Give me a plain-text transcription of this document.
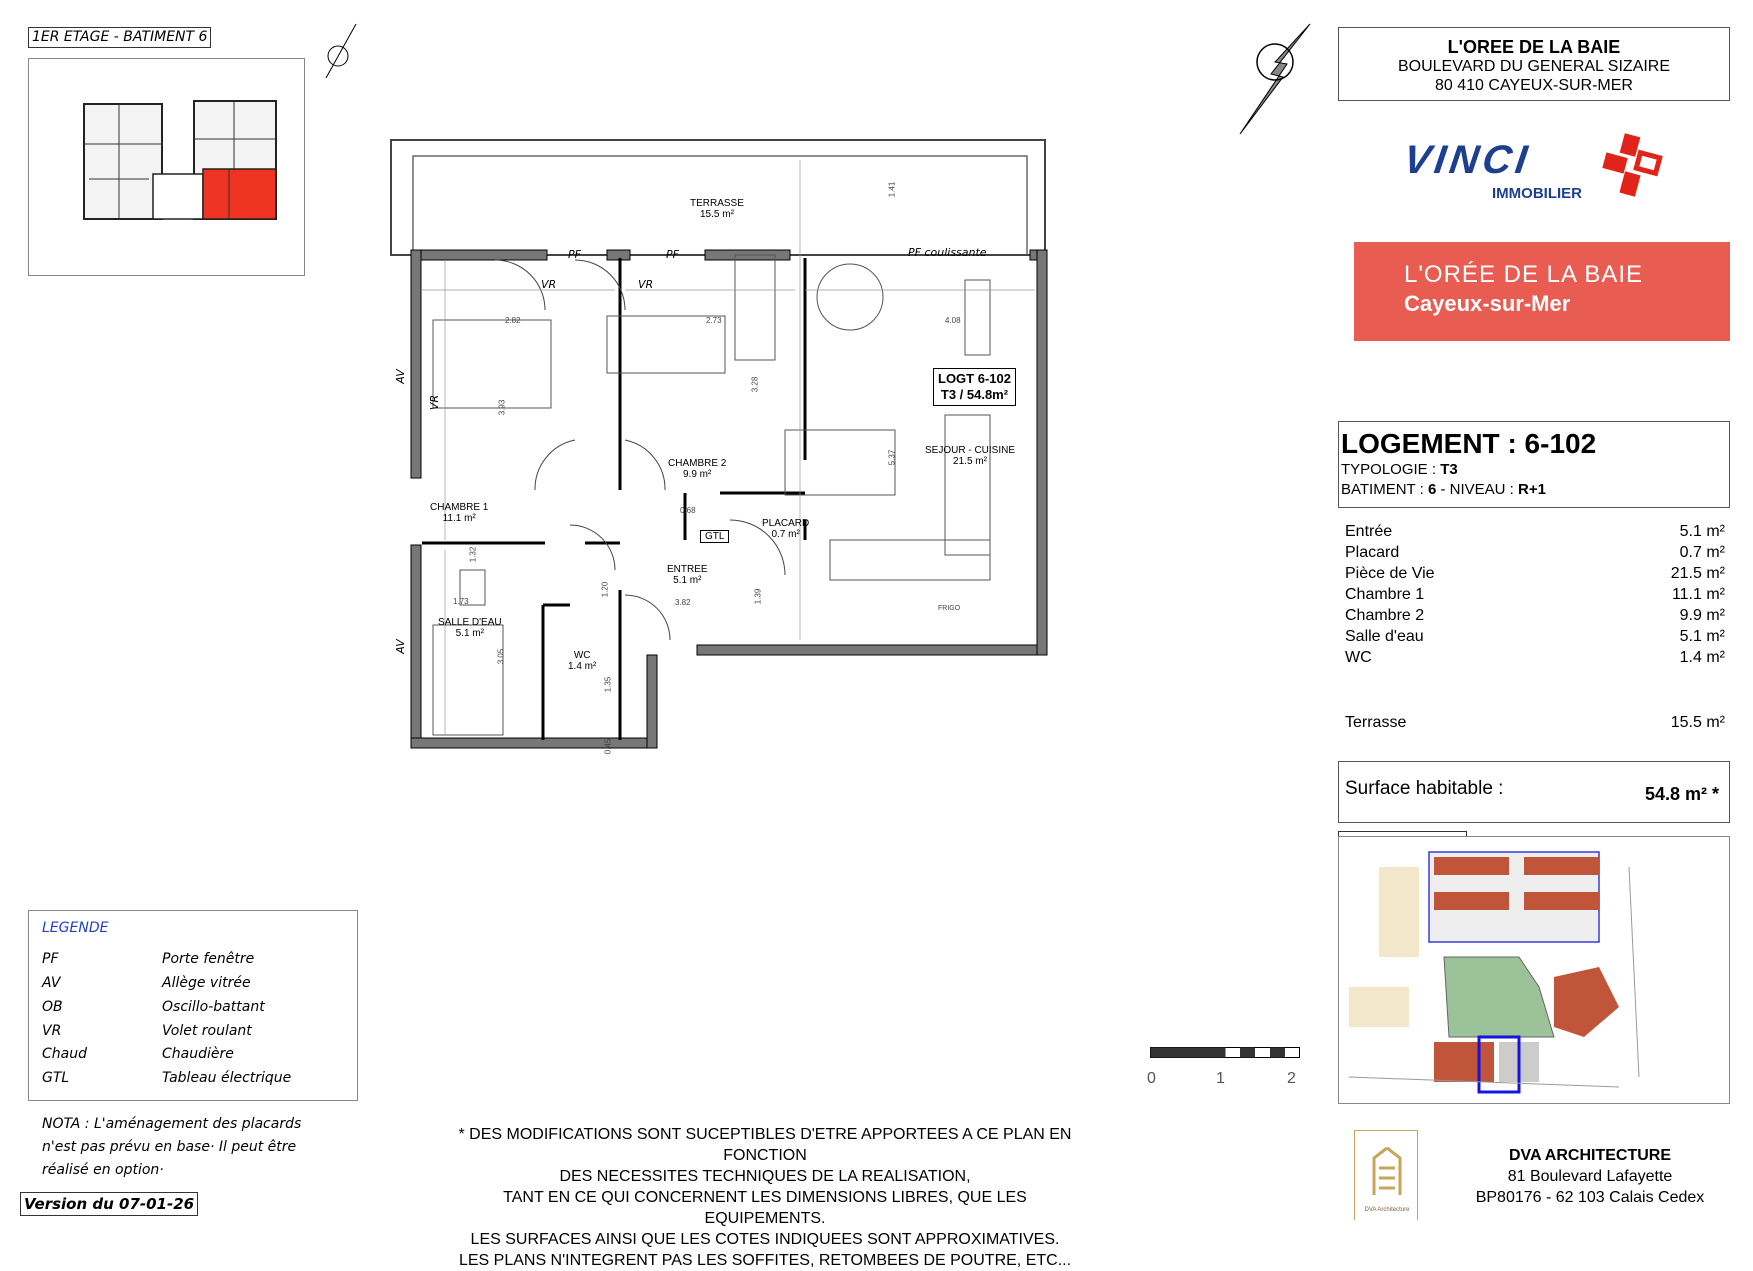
1ER ETAGE - BATIMENT 6
TERRASSE
15.5 m²
CHAMBRE 1
11.1 m²
CHAMBRE 2
9.9 m²
SEJOUR - CUISINE
21.5 m²
PLACARD
0.7 m²
ENTREE
5.1 m²
SALLE D'EAU
5.1 m²
WC
1.4 m²
LOGT 6-102
T3 / 54.8m²
PF	PF	PF coulissante
VR	VR
VR
AV
AV
GTL
FRIGO
2.82	2.73	4.08
3.93
3.28
5.37
1.41
0.68
1.20	1.39
3.82
1.73
3.05
1.35
0.45
1.32
L'OREE DE LA BAIE
BOULEVARD DU GENERAL SIZAIRE
80 410 CAYEUX-SUR-MER
VINCI
IMMOBILIER
L'ORÉE DE LA BAIE
Cayeux-sur-Mer
LOGEMENT : 6-102
TYPOLOGIE : T3
BATIMENT : 6 - NIVEAU : R+1
Entrée	5.1 m²
Placard	0.7 m²
Pièce de Vie	21.5 m²
Chambre 1	11.1 m²
Chambre 2	9.9 m²
Salle d'eau	5.1 m²
WC	1.4 m²
Terrasse	15.5 m²
Surface habitable :	54.8 m² *
0	1	2
LEGENDE
PF	Porte fenêtre
AV	Allège vitrée
OB	Oscillo-battant
VR	Volet roulant
Chaud	Chaudière
GTL	Tableau électrique
NOTA : L'aménagement des placards
n'est pas prévu en base· Il peut être
réalisé en option·
Version du 07-01-26
* DES MODIFICATIONS SONT SUCEPTIBLES D'ETRE APPORTEES A CE PLAN EN FONCTION
DES NECESSITES TECHNIQUES DE LA REALISATION,
TANT EN CE QUI CONCERNENT LES DIMENSIONS LIBRES, QUE LES EQUIPEMENTS.
LES SURFACES AINSI QUE LES COTES INDIQUEES SONT APPROXIMATIVES.
LES PLANS N'INTEGRENT PAS LES SOFFITES, RETOMBEES DE POUTRE, ETC...
DVA Architecture
DVA ARCHITECTURE
81 Boulevard Lafayette
BP80176 - 62 103 Calais Cedex
